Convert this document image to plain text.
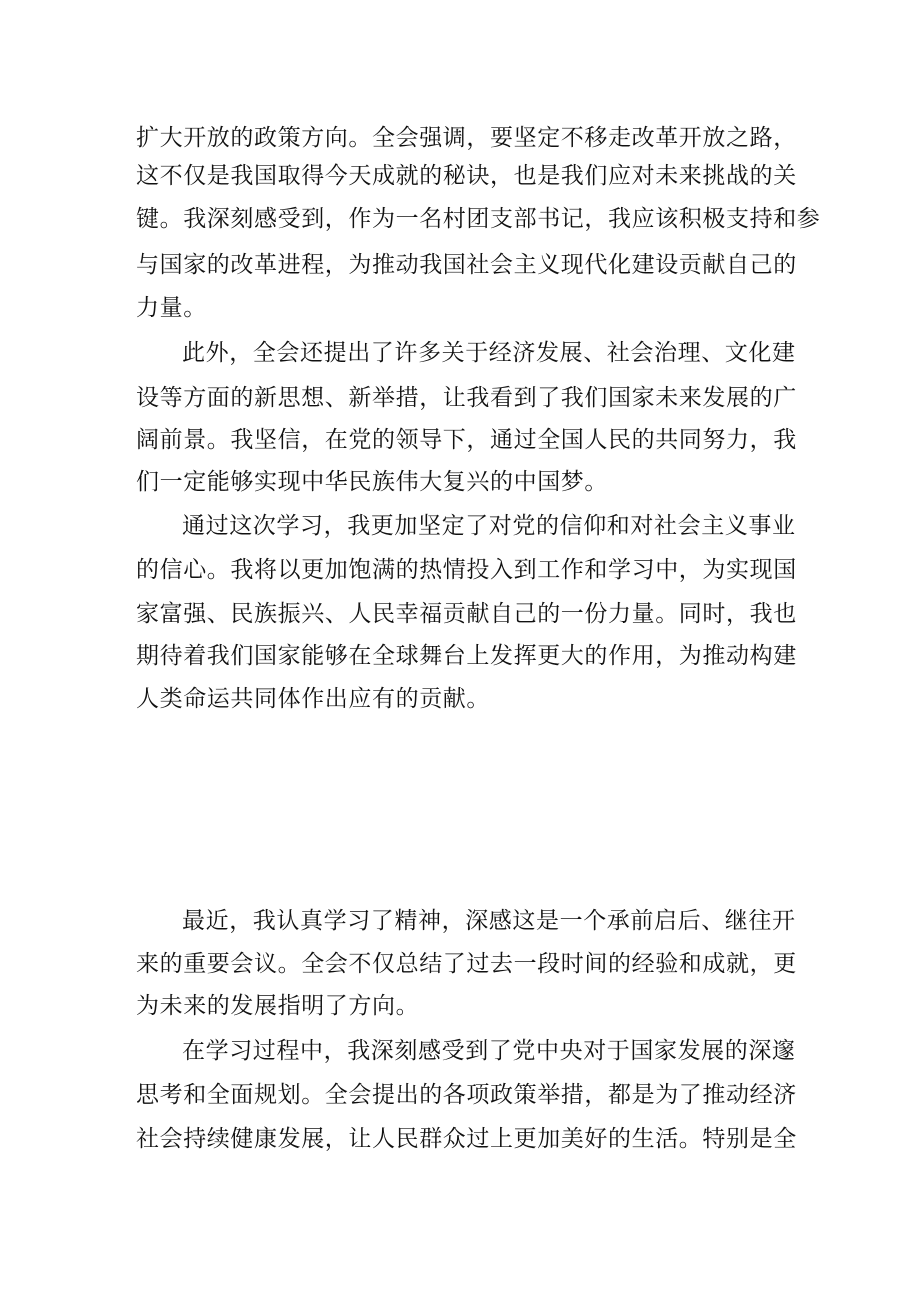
扩大开放的政策方向。全会强调，要坚定不移走改革开放之路，
这不仅是我国取得今天成就的秘诀，也是我们应对未来挑战的关
键。我深刻感受到，作为一名村团支部书记，我应该积极支持和参
与国家的改革进程，为推动我国社会主义现代化建设贡献自己的
力量。
此外，全会还提出了许多关于经济发展、社会治理、文化建
设等方面的新思想、新举措，让我看到了我们国家未来发展的广
阔前景。我坚信，在党的领导下，通过全国人民的共同努力，我
们一定能够实现中华民族伟大复兴的中国梦。
通过这次学习，我更加坚定了对党的信仰和对社会主义事业
的信心。我将以更加饱满的热情投入到工作和学习中，为实现国
家富强、民族振兴、人民幸福贡献自己的一份力量。同时，我也
期待着我们国家能够在全球舞台上发挥更大的作用，为推动构建
人类命运共同体作出应有的贡献。
最近，我认真学习了精神，深感这是一个承前启后、继往开
来的重要会议。全会不仅总结了过去一段时间的经验和成就，更
为未来的发展指明了方向。
在学习过程中，我深刻感受到了党中央对于国家发展的深邃
思考和全面规划。全会提出的各项政策举措，都是为了推动经济
社会持续健康发展，让人民群众过上更加美好的生活。特别是全
